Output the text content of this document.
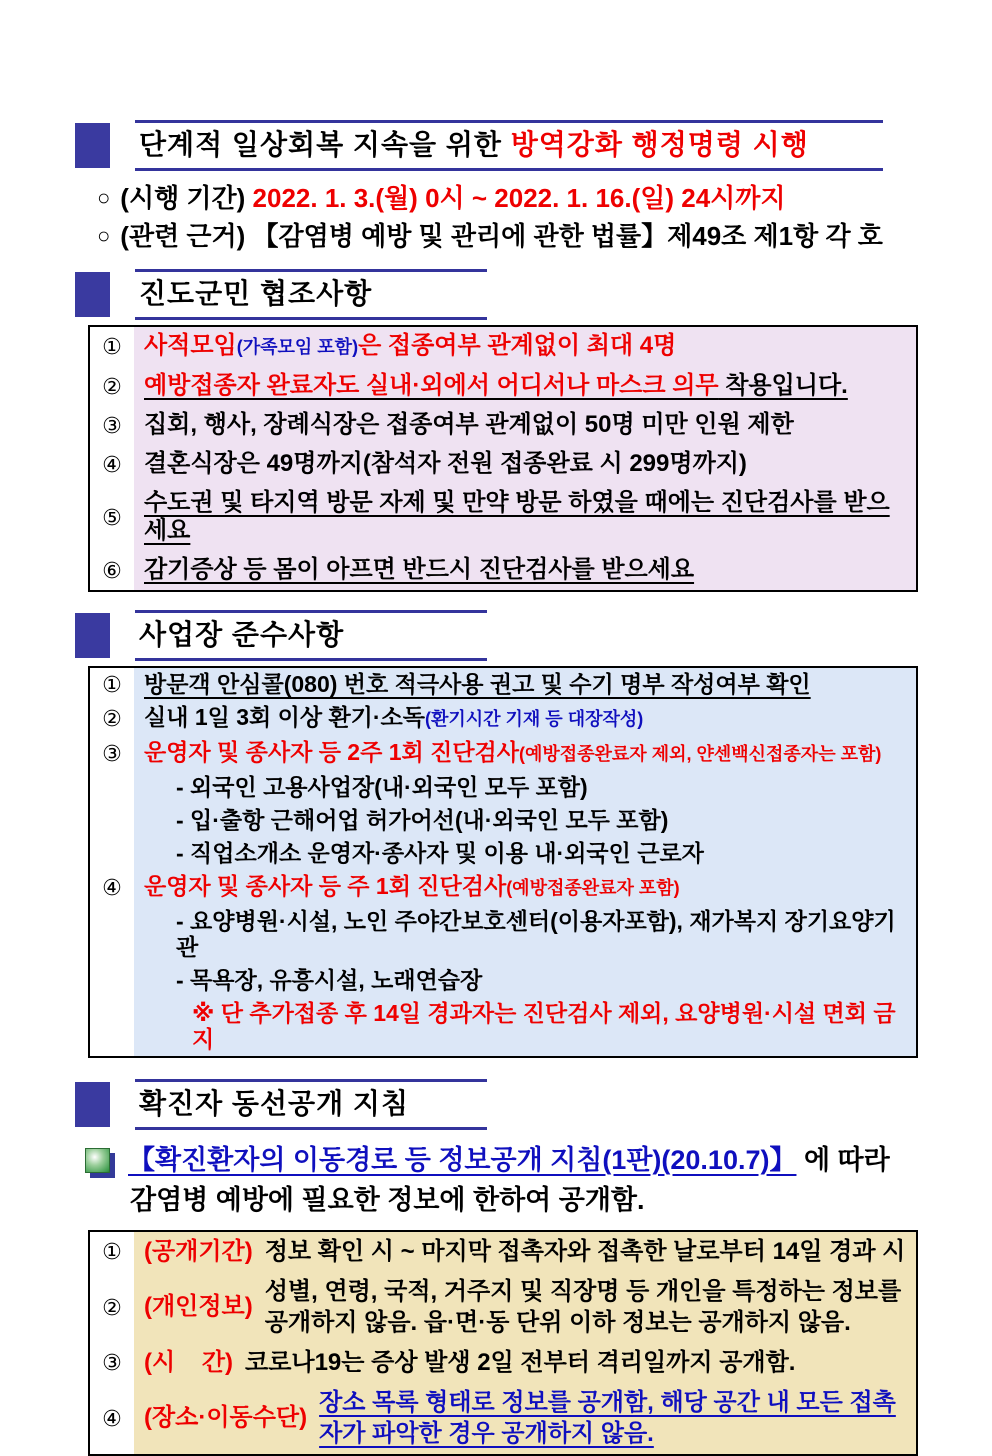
단계적 일상회복 지속을 위한 방역강화 행정명령 시행
○ (시행 기간) 2022. 1. 3.(월) 0시 ~ 2022. 1. 16.(일) 24시까지
○ (관련 근거) 【감염병 예방 및 관리에 관한 법률】제49조 제1항 각 호
진도군민 협조사항
① 사적모임(가족모임 포함)은 접종여부 관계없이 최대 4명
② 예방접종자 완료자도 실내·외에서 어디서나 마스크 의무 착용입니다.
③ 집회, 행사, 장례식장은 접종여부 관계없이 50명 미만 인원 제한
④ 결혼식장은 49명까지(참석자 전원 접종완료 시 299명까지)
⑤
수도권 및 타지역 방문 자제 및 만약 방문 하였을 때에는 진단검사를 받으세요
⑥ 감기증상 등 몸이 아프면 반드시 진단검사를 받으세요
사업장 준수사항
① 방문객 안심콜(080) 번호 적극사용 권고 및 수기 명부 작성여부 확인
② 실내 1일 3회 이상 환기·소독(환기시간 기재 등 대장작성)
③ 운영자 및 종사자 등 2주 1회 진단검사(예방접종완료자 제외, 얀센백신접종자는 포함)
- 외국인 고용사업장(내·외국인 모두 포함)
- 입·출항 근해어업 허가어선(내·외국인 모두 포함)
- 직업소개소 운영자·종사자 및 이용 내·외국인 근로자
④ 운영자 및 종사자 등 주 1회 진단검사(예방접종완료자 포함)
- 요양병원·시설, 노인 주야간보호센터(이용자포함), 재가복지 장기요양기관
- 목욕장, 유흥시설, 노래연습장
※ 단 추가접종 후 14일 경과자는 진단검사 제외, 요양병원·시설 면회 금지
확진자 동선공개 지침
【확진환자의 이동경로 등 정보공개 지침(1판)(20.10.7)】 에 따라
감염병 예방에 필요한 정보에 한하여 공개함.
① (공개기간) 정보 확인 시 ~ 마지막 접촉자와 접촉한 날로부터 14일 경과 시
② (개인정보)
성별, 연령, 국적, 거주지 및 직장명 등 개인을 특정하는 정보를 공개하지 않음. 읍·면·동 단위 이하 정보는 공개하지 않음.
③ (시    간) 코로나19는 증상 발생 2일 전부터 격리일까지 공개함.
④ (장소·이동수단)
장소 목록 형태로 정보를 공개함, 해당 공간 내 모든 접촉자가 파악한 경우 공개하지 않음.
